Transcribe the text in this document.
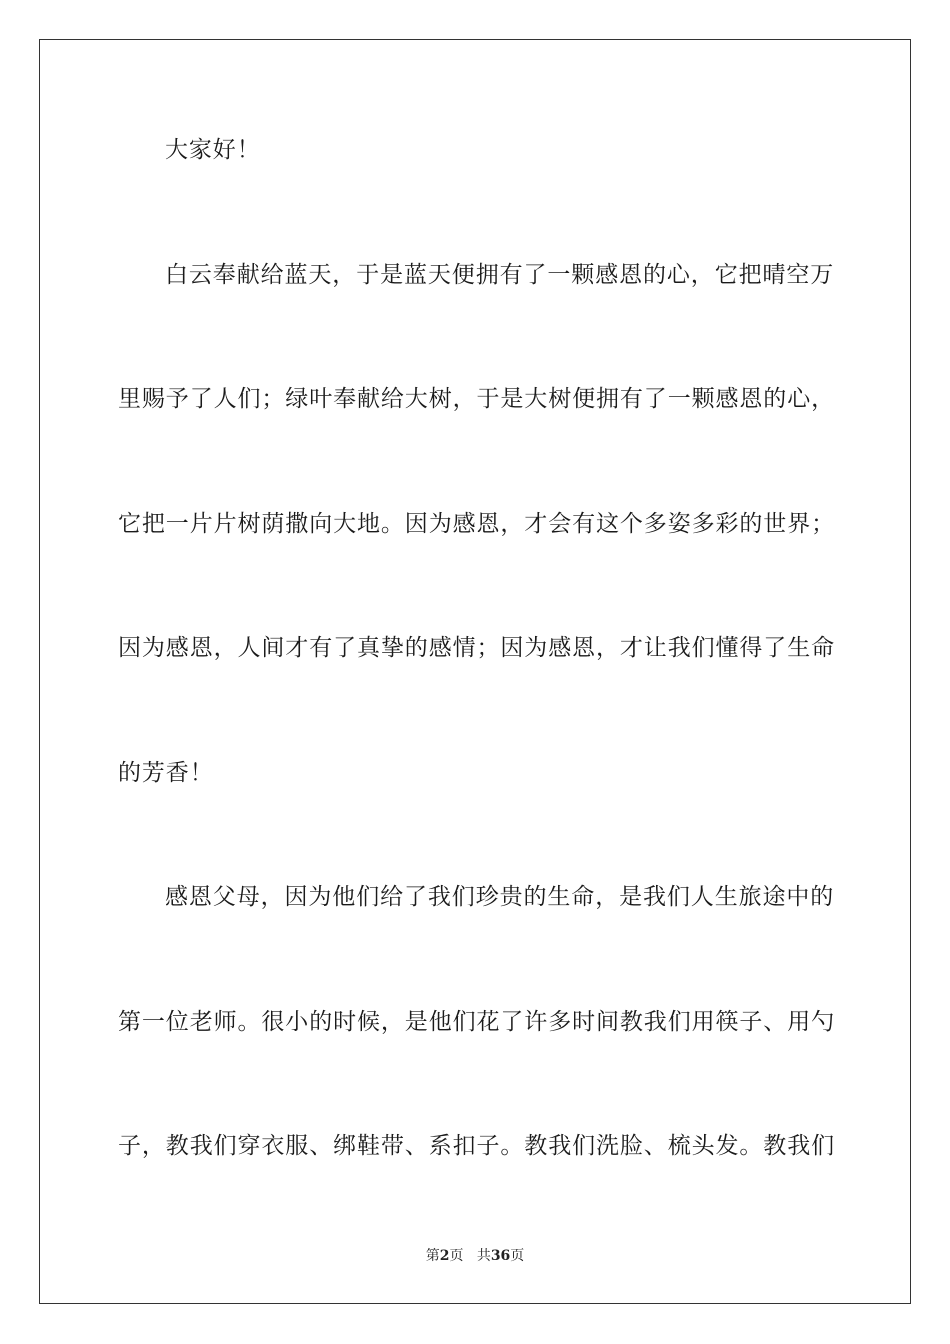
大家好！
白云奉献给蓝天，于是蓝天便拥有了一颗感恩的心，它把晴空万
里赐予了人们；绿叶奉献给大树，于是大树便拥有了一颗感恩的心，
它把一片片树荫撒向大地。因为感恩，才会有这个多姿多彩的世界；
因为感恩，人间才有了真挚的感情；因为感恩，才让我们懂得了生命
的芳香！
感恩父母，因为他们给了我们珍贵的生命，是我们人生旅途中的
第一位老师。很小的时候，是他们花了许多时间教我们用筷子、用勺
子，教我们穿衣服、绑鞋带、系扣子。教我们洗脸、梳头发。教我们
第2页 共36页
